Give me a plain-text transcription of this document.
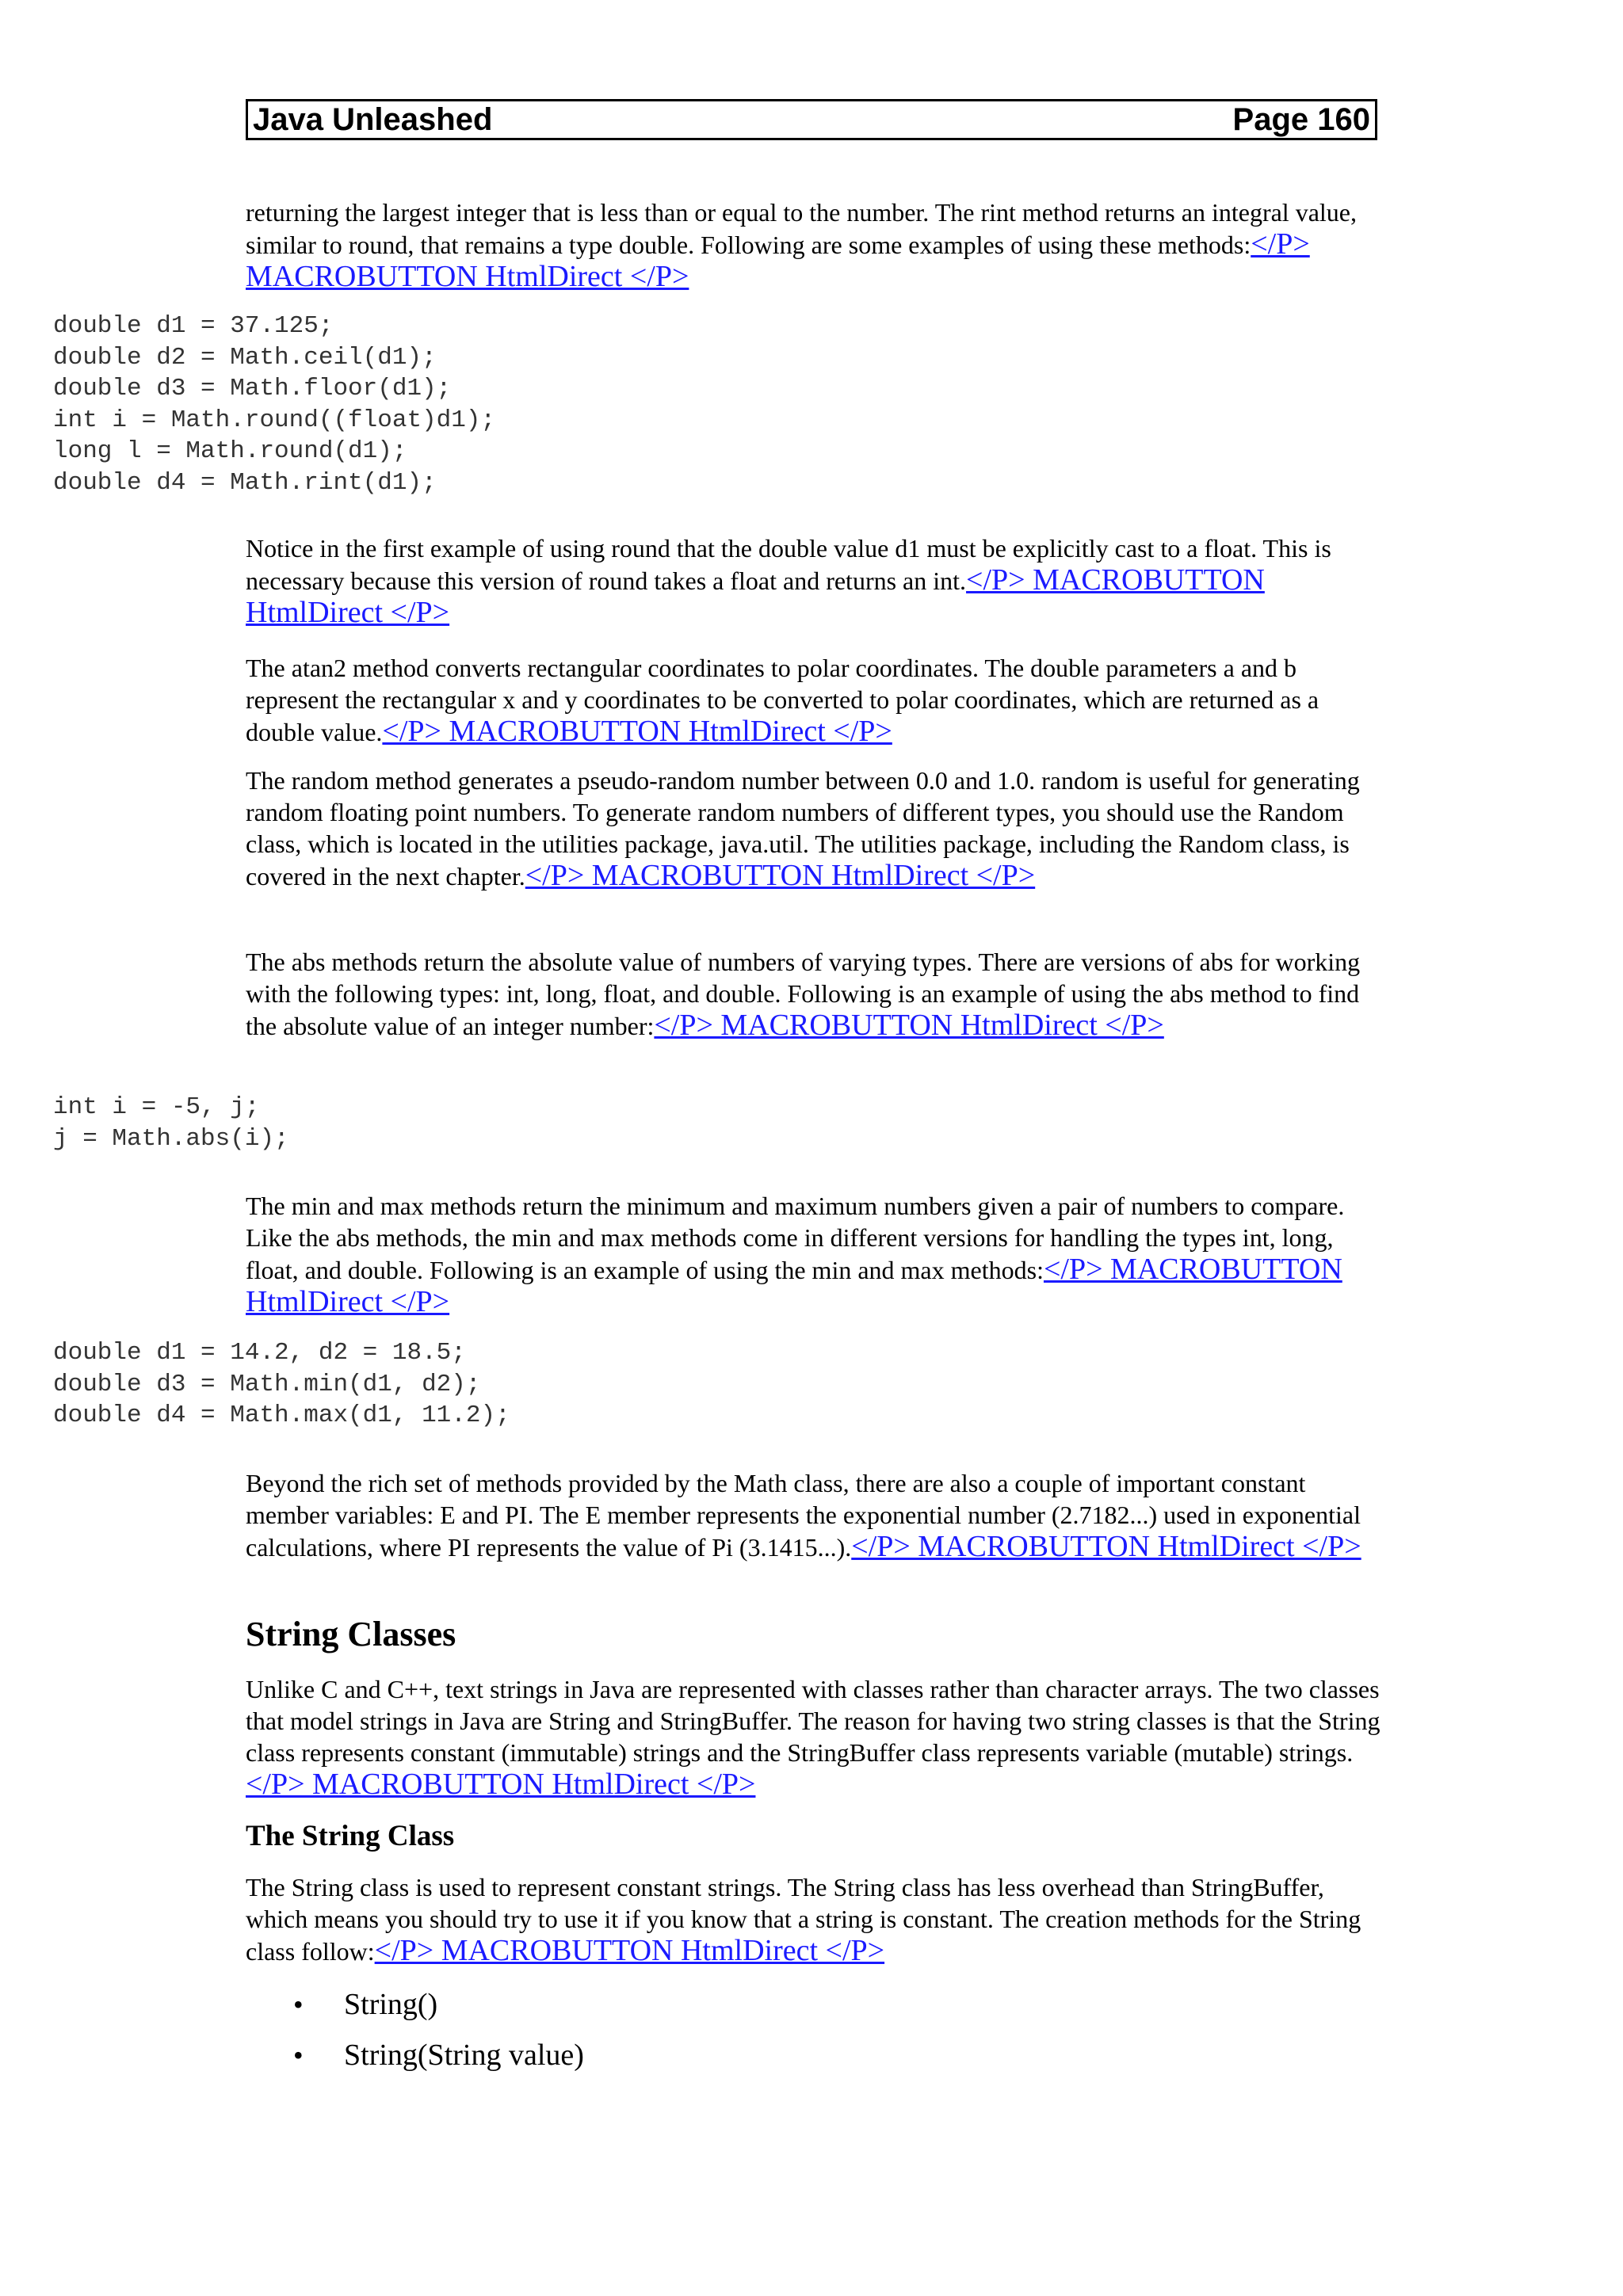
Java Unleashed	Page 160

returning the largest integer that is less than or equal to the number. The rint method returns an integral value, similar to round, that remains a type double. Following are some examples of using these methods:</P> MACROBUTTON HtmlDirect </P>

double d1 = 37.125;
double d2 = Math.ceil(d1);
double d3 = Math.floor(d1);
int i = Math.round((float)d1);
long l = Math.round(d1);
double d4 = Math.rint(d1);

Notice in the first example of using round that the double value d1 must be explicitly cast to a float. This is necessary because this version of round takes a float and returns an int.</P> MACROBUTTON HtmlDirect </P>

The atan2 method converts rectangular coordinates to polar coordinates. The double parameters a and b represent the rectangular x and y coordinates to be converted to polar coordinates, which are returned as a double value.</P> MACROBUTTON HtmlDirect </P>

The random method generates a pseudo-random number between 0.0 and 1.0. random is useful for generating random floating point numbers. To generate random numbers of different types, you should use the Random class, which is located in the utilities package, java.util. The utilities package, including the Random class, is covered in the next chapter.</P> MACROBUTTON HtmlDirect </P>

The abs methods return the absolute value of numbers of varying types. There are versions of abs for working with the following types: int, long, float, and double. Following is an example of using the abs method to find the absolute value of an integer number:</P> MACROBUTTON HtmlDirect </P>

int i = -5, j;
j = Math.abs(i);

The min and max methods return the minimum and maximum numbers given a pair of numbers to compare. Like the abs methods, the min and max methods come in different versions for handling the types int, long, float, and double. Following is an example of using the min and max methods:</P> MACROBUTTON HtmlDirect </P>

double d1 = 14.2, d2 = 18.5;
double d3 = Math.min(d1, d2);
double d4 = Math.max(d1, 11.2);

Beyond the rich set of methods provided by the Math class, there are also a couple of important constant member variables: E and PI. The E member represents the exponential number (2.7182...) used in exponential calculations, where PI represents the value of Pi (3.1415...).</P> MACROBUTTON HtmlDirect </P>

String Classes

Unlike C and C++, text strings in Java are represented with classes rather than character arrays. The two classes that model strings in Java are String and StringBuffer. The reason for having two string classes is that the String class represents constant (immutable) strings and the StringBuffer class represents variable (mutable) strings.</P> MACROBUTTON HtmlDirect </P>

The String Class

The String class is used to represent constant strings. The String class has less overhead than StringBuffer, which means you should try to use it if you know that a string is constant. The creation methods for the String class follow:</P> MACROBUTTON HtmlDirect </P>

• String()
• String(String value)
